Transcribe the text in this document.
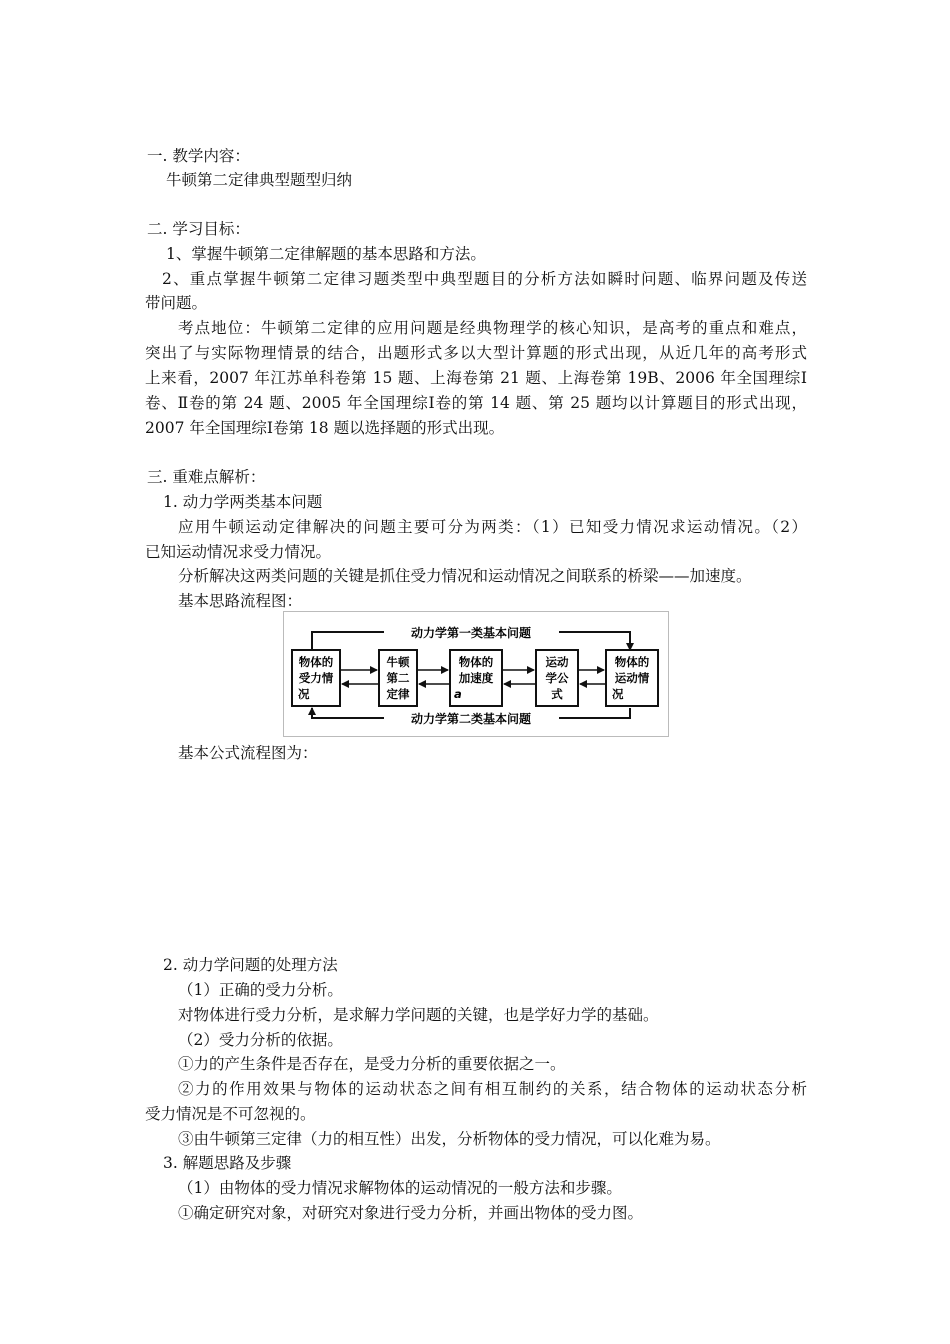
一. 教学内容：
牛顿第二定律典型题型归纳
二. 学习目标：
1、掌握牛顿第二定律解题的基本思路和方法。
2、重点掌握牛顿第二定律习题类型中典型题目的分析方法如瞬时问题、临界问题及传送
带问题。
考点地位：牛顿第二定律的应用问题是经典物理学的核心知识，是高考的重点和难点，
突出了与实际物理情景的结合，出题形式多以大型计算题的形式出现，从近几年的高考形式
上来看，2007 年江苏单科卷第 15 题、上海卷第 21 题、上海卷第 19B、2006 年全国理综Ⅰ
卷、Ⅱ卷的第 24 题、2005 年全国理综Ⅰ卷的第 14 题、第 25 题均以计算题目的形式出现，
2007 年全国理综Ⅰ卷第 18 题以选择题的形式出现。
三. 重难点解析：
1. 动力学两类基本问题
应用牛顿运动定律解决的问题主要可分为两类：（1）已知受力情况求运动情况。（2）
已知运动情况求受力情况。
分析解决这两类问题的关键是抓住受力情况和运动情况之间联系的桥梁——加速度。
基本思路流程图：
动力学第一类基本问题
动力学第二类基本问题
物体的
受力情
况
牛顿
第二
定律
物体的
加速度
a
运动
学公
式
物体的
运动情
况
基本公式流程图为：
2. 动力学问题的处理方法
（1）正确的受力分析。
对物体进行受力分析，是求解力学问题的关键，也是学好力学的基础。
（2）受力分析的依据。
①力的产生条件是否存在，是受力分析的重要依据之一。
②力的作用效果与物体的运动状态之间有相互制约的关系，结合物体的运动状态分析
受力情况是不可忽视的。
③由牛顿第三定律（力的相互性）出发，分析物体的受力情况，可以化难为易。
3. 解题思路及步骤
（1）由物体的受力情况求解物体的运动情况的一般方法和步骤。
①确定研究对象，对研究对象进行受力分析，并画出物体的受力图。
